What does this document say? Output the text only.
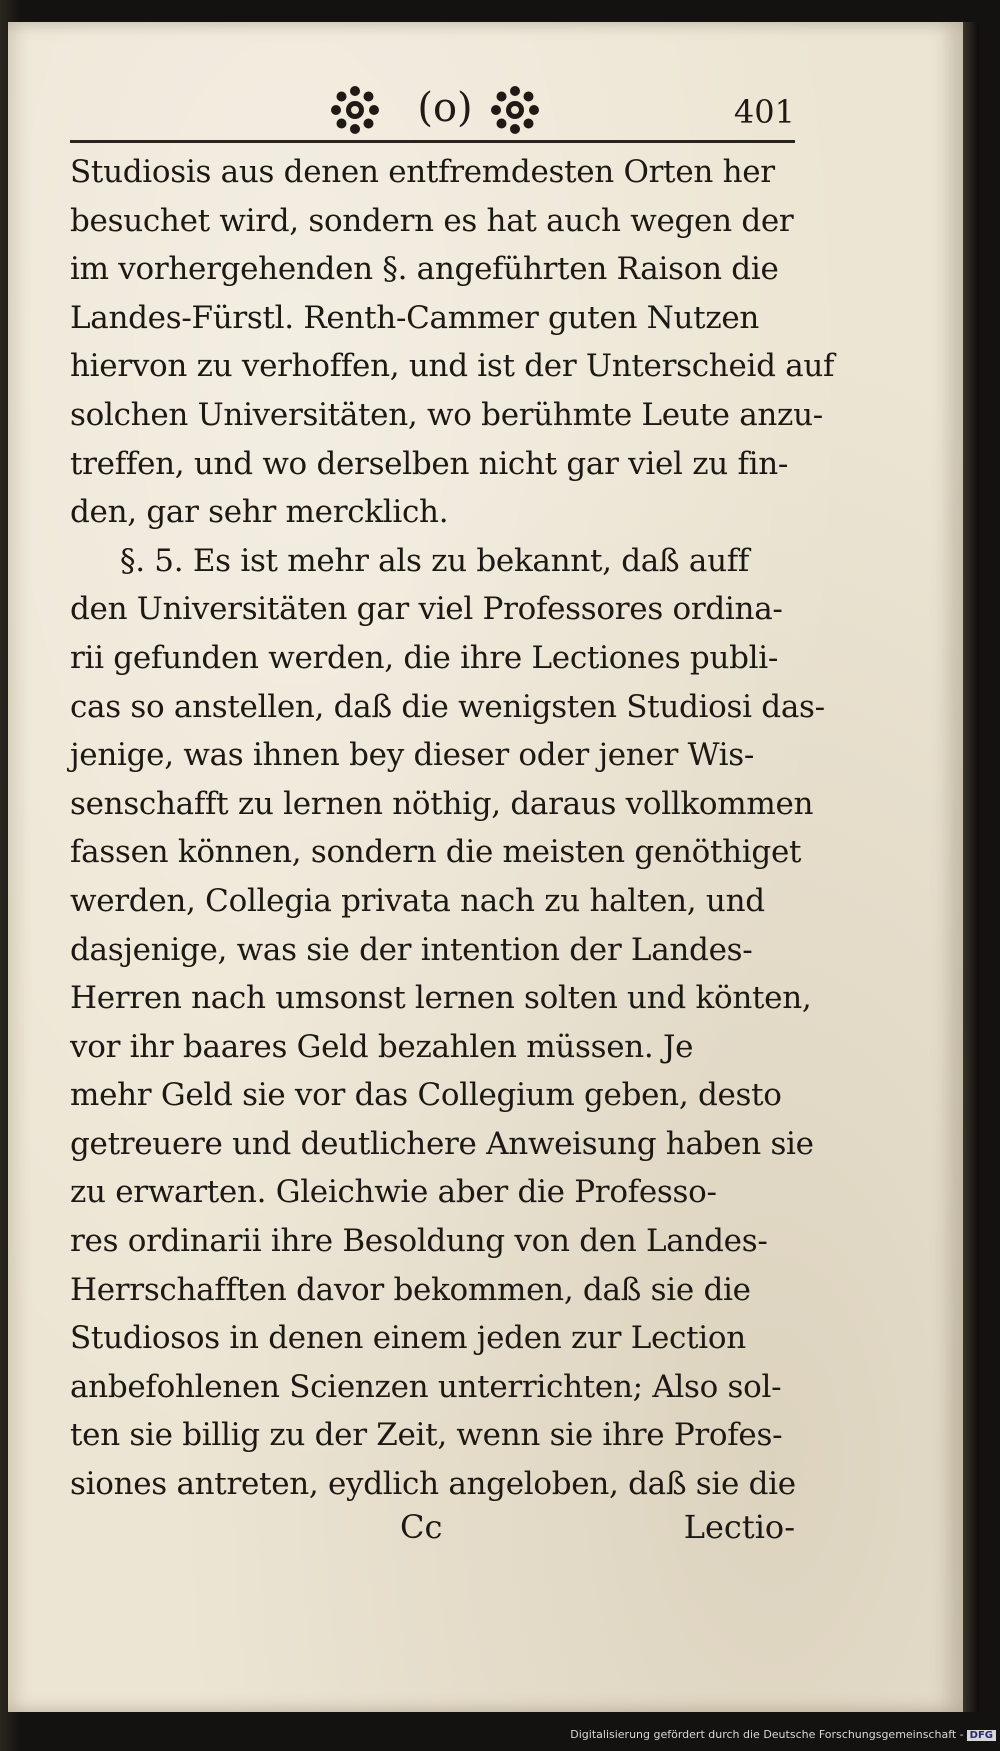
(o)	401
Studiosis aus denen entfremdesten Orten her
besuchet wird, sondern es hat auch wegen der
im vorhergehenden §. angeführten Raison die
Landes-Fürstl. Renth-Cammer guten Nutzen
hiervon zu verhoffen, und ist der Unterscheid auf
solchen Universitäten, wo berühmte Leute anzu-
treffen, und wo derselben nicht gar viel zu fin-
den, gar sehr mercklich.
§. 5. Es ist mehr als zu bekannt, daß auff
den Universitäten gar viel Professores ordina-
rii gefunden werden, die ihre Lectiones publi-
cas so anstellen, daß die wenigsten Studiosi das-
jenige, was ihnen bey dieser oder jener Wis-
senschafft zu lernen nöthig, daraus vollkommen
fassen können, sondern die meisten genöthiget
werden, Collegia privata nach zu halten, und
dasjenige, was sie der intention der Landes-
Herren nach umsonst lernen solten und könten,
vor ihr baares Geld bezahlen müssen. Je
mehr Geld sie vor das Collegium geben, desto
getreuere und deutlichere Anweisung haben sie
zu erwarten. Gleichwie aber die Professo-
res ordinarii ihre Besoldung von den Landes-
Herrschafften davor bekommen, daß sie die
Studiosos in denen einem jeden zur Lection
anbefohlenen Scienzen unterrichten; Also sol-
ten sie billig zu der Zeit, wenn sie ihre Profes-
siones antreten, eydlich angeloben, daß sie die
Cc	Lectio-
Digitalisierung gefördert durch die Deutsche Forschungsgemeinschaft - DFG
